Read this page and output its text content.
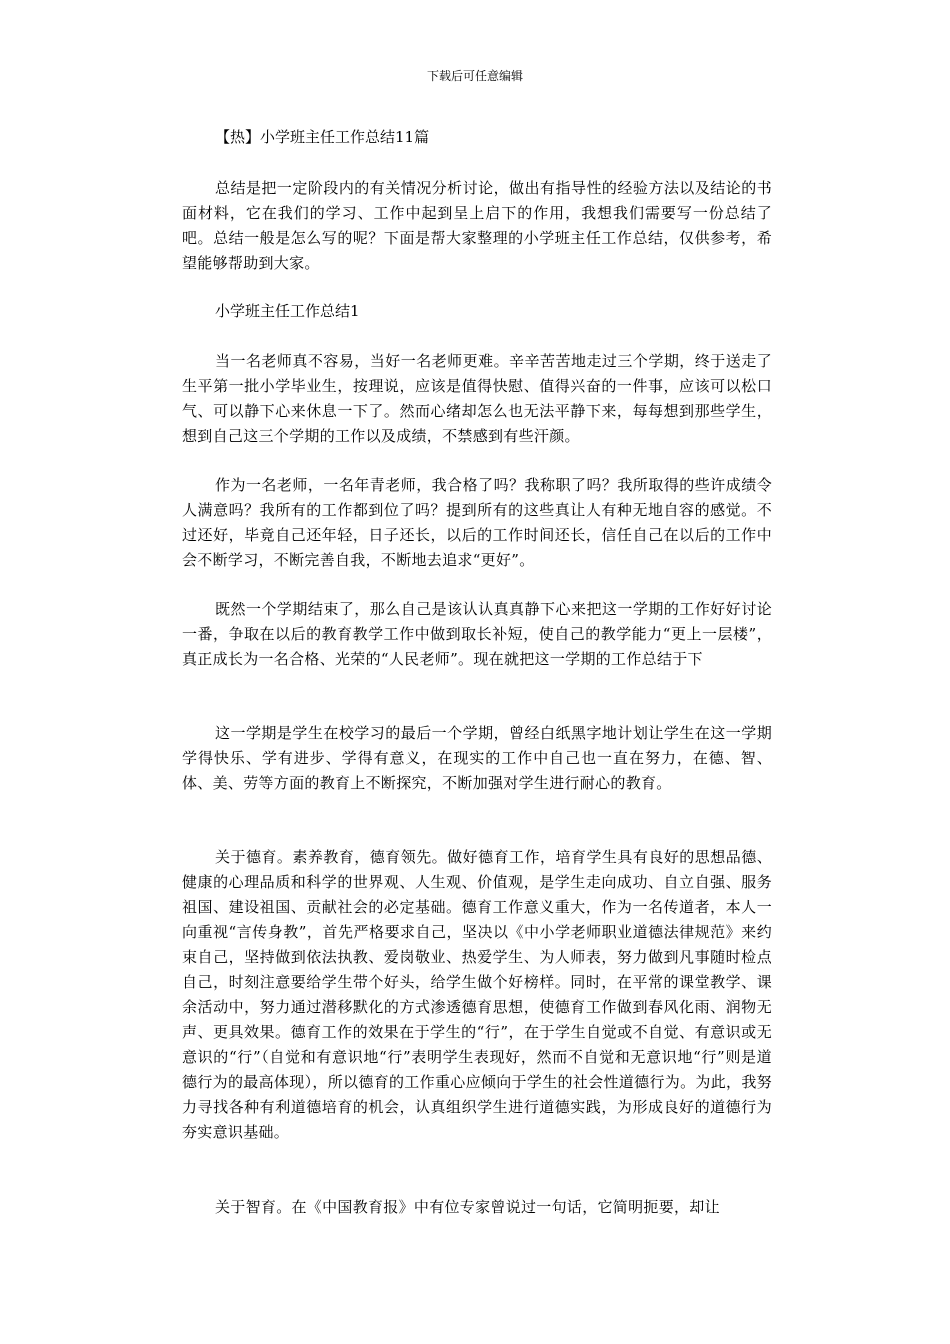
下载后可任意编辑
【热】小学班主任工作总结11篇

总结是把一定阶段内的有关情况分析讨论，做出有指导性的经验方法以及结论的书面材料，它在我们的学习、工作中起到呈上启下的作用，我想我们需要写一份总结了吧。总结一般是怎么写的呢？下面是帮大家整理的小学班主任工作总结，仅供参考，希望能够帮助到大家。

小学班主任工作总结1

当一名老师真不容易，当好一名老师更难。辛辛苦苦地走过三个学期，终于送走了生平第一批小学毕业生，按理说，应该是值得快慰、值得兴奋的一件事，应该可以松口气、可以静下心来休息一下了。然而心绪却怎么也无法平静下来，每每想到那些学生，想到自己这三个学期的工作以及成绩，不禁感到有些汗颜。

作为一名老师，一名年青老师，我合格了吗？我称职了吗？我所取得的些许成绩令人满意吗？我所有的工作都到位了吗？提到所有的这些真让人有种无地自容的感觉。不过还好，毕竟自己还年轻，日子还长，以后的工作时间还长，信任自己在以后的工作中会不断学习，不断完善自我，不断地去追求“更好”。

既然一个学期结束了，那么自己是该认认真真静下心来把这一学期的工作好好讨论一番，争取在以后的教育教学工作中做到取长补短，使自己的教学能力“更上一层楼”，真正成长为一名合格、光荣的“人民老师”。现在就把这一学期的工作总结于下

这一学期是学生在校学习的最后一个学期，曾经白纸黑字地计划让学生在这一学期学得快乐、学有进步、学得有意义，在现实的工作中自己也一直在努力，在德、智、体、美、劳等方面的教育上不断探究，不断加强对学生进行耐心的教育。

关于德育。素养教育，德育领先。做好德育工作，培育学生具有良好的思想品德、健康的心理品质和科学的世界观、人生观、价值观，是学生走向成功、自立自强、服务祖国、建设祖国、贡献社会的必定基础。德育工作意义重大，作为一名传道者，本人一向重视“言传身教”，首先严格要求自己，坚决以《中小学老师职业道德法律规范》来约束自己，坚持做到依法执教、爱岗敬业、热爱学生、为人师表，努力做到凡事随时检点自己，时刻注意要给学生带个好头，给学生做个好榜样。同时，在平常的课堂教学、课余活动中，努力通过潜移默化的方式渗透德育思想，使德育工作做到春风化雨、润物无声、更具效果。德育工作的效果在于学生的“行”，在于学生自觉或不自觉、有意识或无意识的“行”（自觉和有意识地“行”表明学生表现好，然而不自觉和无意识地“行”则是道德行为的最高体现），所以德育的工作重心应倾向于学生的社会性道德行为。为此，我努力寻找各种有利道德培育的机会，认真组织学生进行道德实践，为形成良好的道德行为夯实意识基础。

关于智育。在《中国教育报》中有位专家曾说过一句话，它简明扼要，却让
